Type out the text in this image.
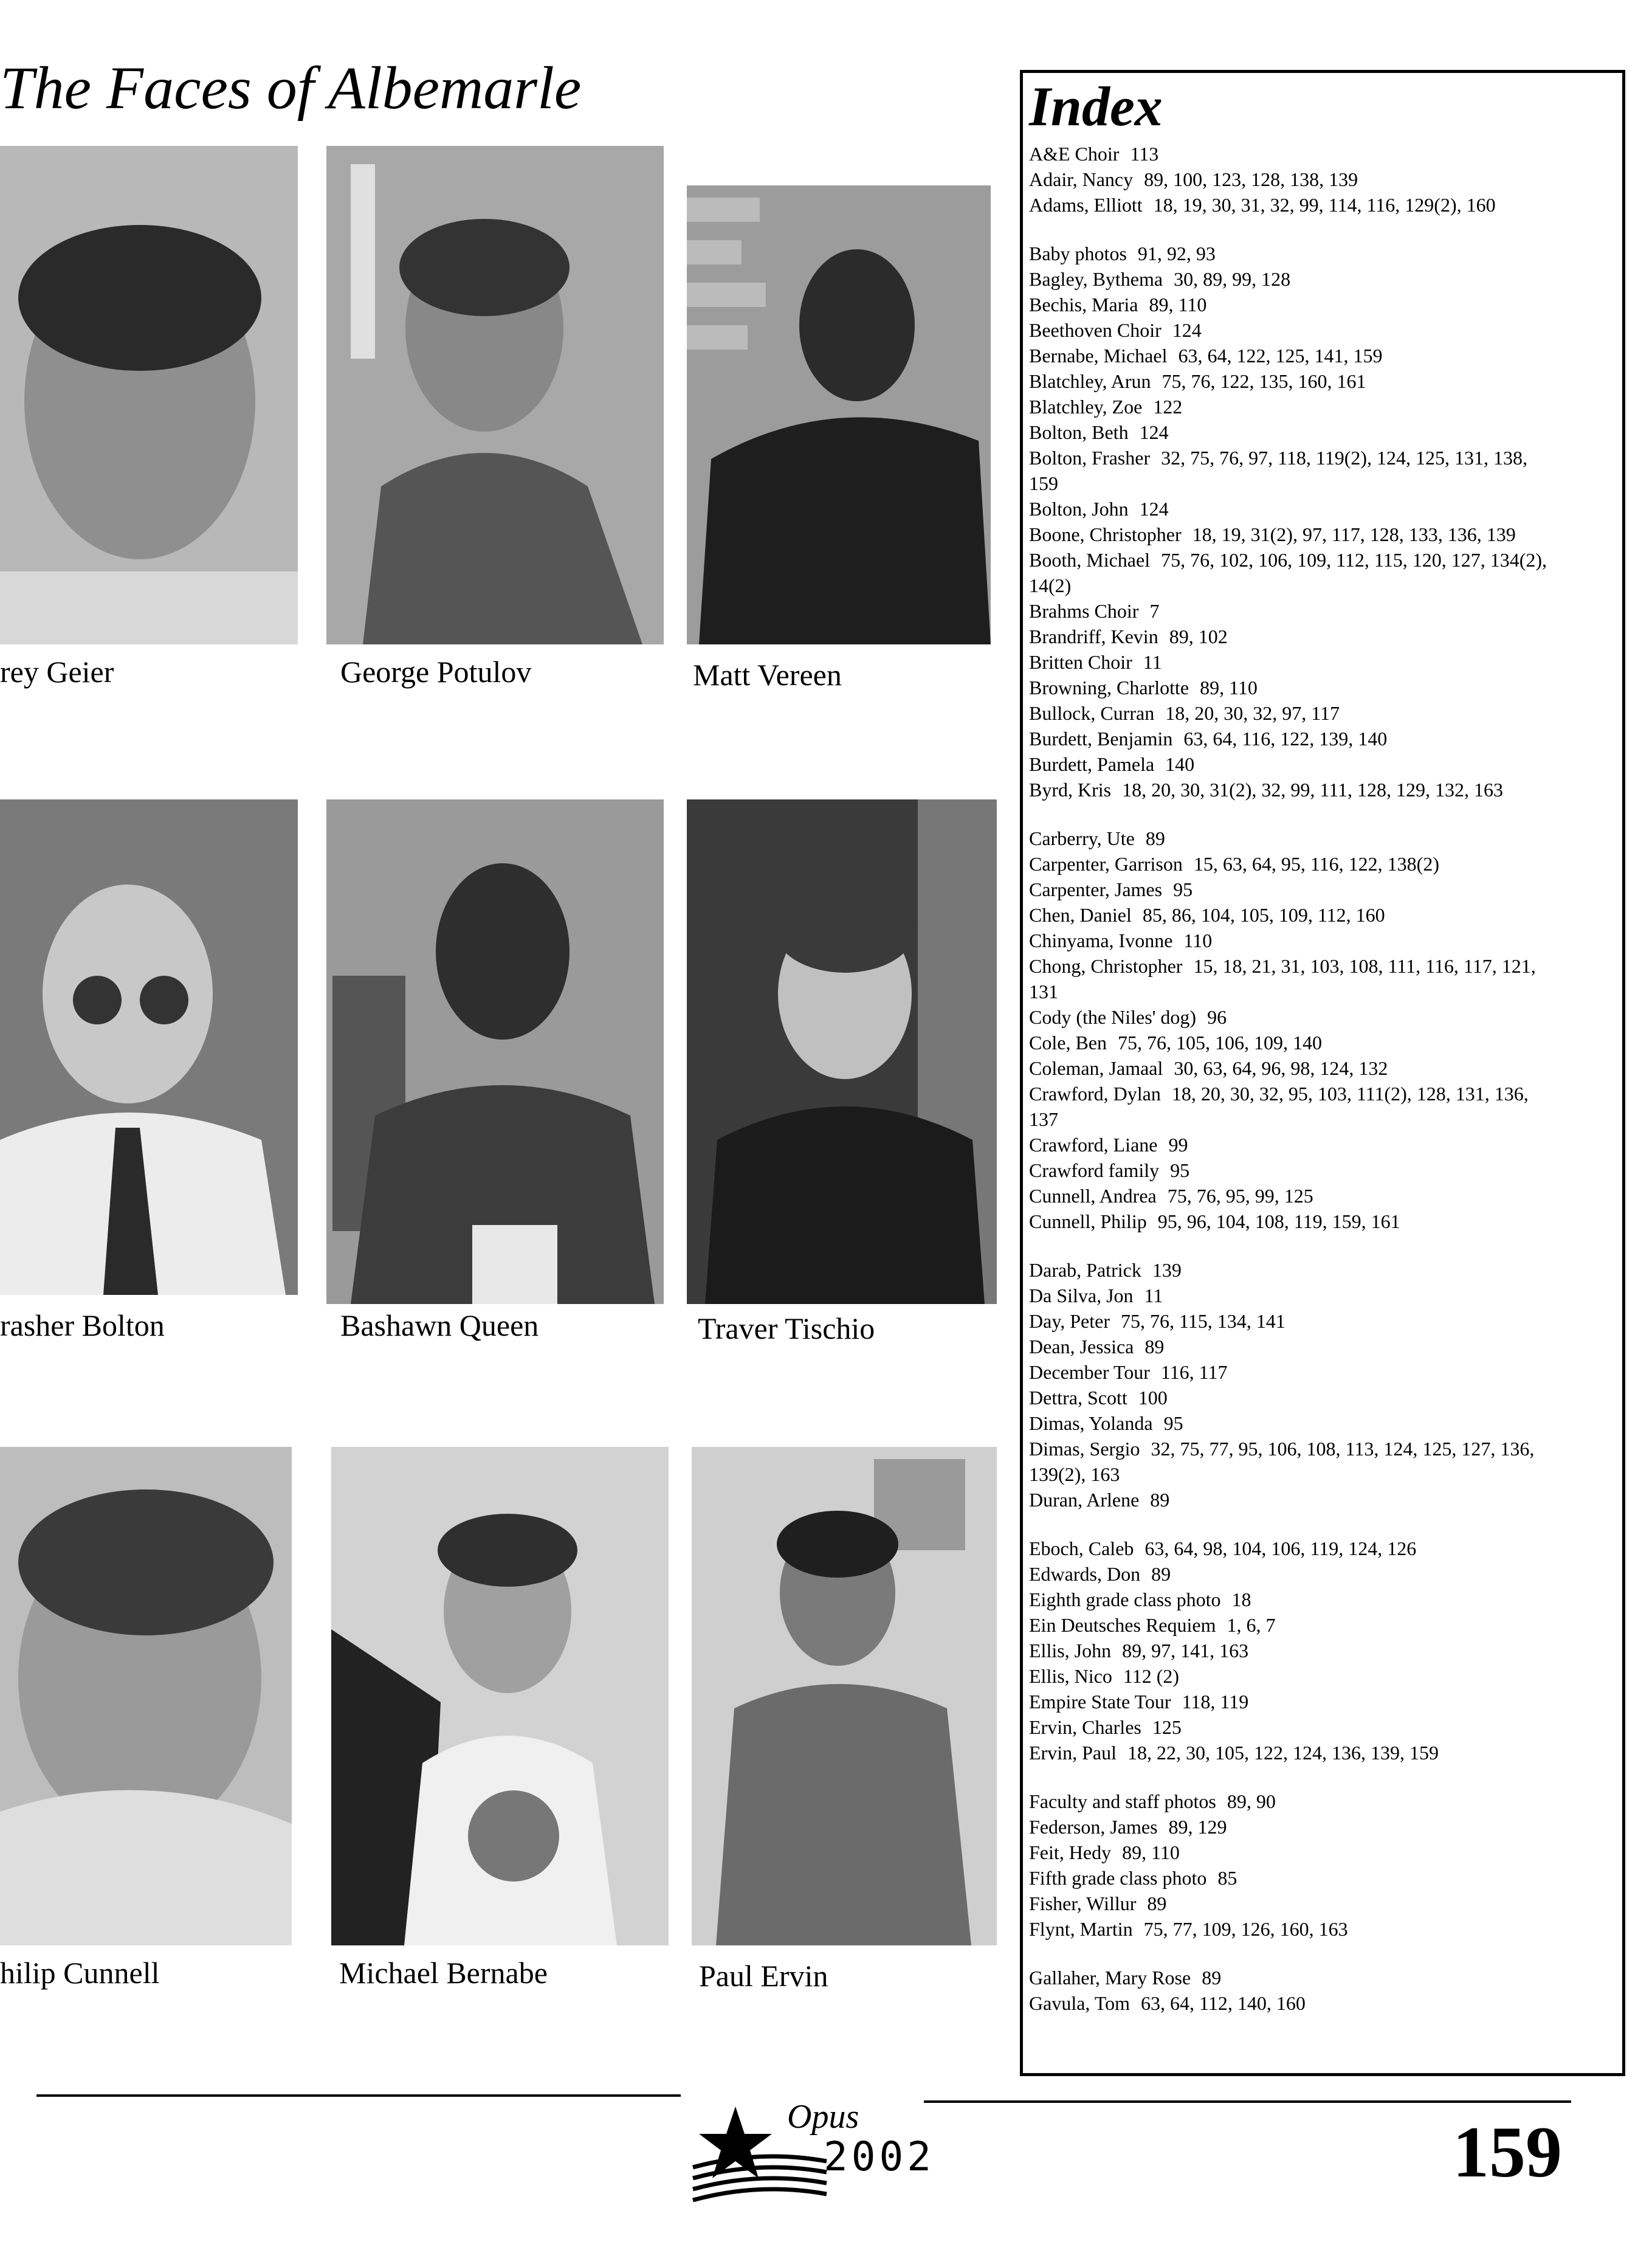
The Faces of Albemarle
rey Geier	George Potulov	Matt Vereen
rasher Bolton	Bashawn Queen	Traver Tischio
hilip Cunnell	Michael Bernabe	Paul Ervin
Index
A&E Choir 113
Adair, Nancy 89, 100, 123, 128, 138, 139
Adams, Elliott 18, 19, 30, 31, 32, 99, 114, 116, 129(2), 160
Baby photos 91, 92, 93
Bagley, Bythema 30, 89, 99, 128
Bechis, Maria 89, 110
Beethoven Choir 124
Bernabe, Michael 63, 64, 122, 125, 141, 159
Blatchley, Arun 75, 76, 122, 135, 160, 161
Blatchley, Zoe 122
Bolton, Beth 124
Bolton, Frasher 32, 75, 76, 97, 118, 119(2), 124, 125, 131, 138,
159
Bolton, John 124
Boone, Christopher 18, 19, 31(2), 97, 117, 128, 133, 136, 139
Booth, Michael 75, 76, 102, 106, 109, 112, 115, 120, 127, 134(2),
14(2)
Brahms Choir 7
Brandriff, Kevin 89, 102
Britten Choir 11
Browning, Charlotte 89, 110
Bullock, Curran 18, 20, 30, 32, 97, 117
Burdett, Benjamin 63, 64, 116, 122, 139, 140
Burdett, Pamela 140
Byrd, Kris 18, 20, 30, 31(2), 32, 99, 111, 128, 129, 132, 163
Carberry, Ute 89
Carpenter, Garrison 15, 63, 64, 95, 116, 122, 138(2)
Carpenter, James 95
Chen, Daniel 85, 86, 104, 105, 109, 112, 160
Chinyama, Ivonne 110
Chong, Christopher 15, 18, 21, 31, 103, 108, 111, 116, 117, 121,
131
Cody (the Niles' dog) 96
Cole, Ben 75, 76, 105, 106, 109, 140
Coleman, Jamaal 30, 63, 64, 96, 98, 124, 132
Crawford, Dylan 18, 20, 30, 32, 95, 103, 111(2), 128, 131, 136,
137
Crawford, Liane 99
Crawford family 95
Cunnell, Andrea 75, 76, 95, 99, 125
Cunnell, Philip 95, 96, 104, 108, 119, 159, 161
Darab, Patrick 139
Da Silva, Jon 11
Day, Peter 75, 76, 115, 134, 141
Dean, Jessica 89
December Tour 116, 117
Dettra, Scott 100
Dimas, Yolanda 95
Dimas, Sergio 32, 75, 77, 95, 106, 108, 113, 124, 125, 127, 136,
139(2), 163
Duran, Arlene 89
Eboch, Caleb 63, 64, 98, 104, 106, 119, 124, 126
Edwards, Don 89
Eighth grade class photo 18
Ein Deutsches Requiem 1, 6, 7
Ellis, John 89, 97, 141, 163
Ellis, Nico 112 (2)
Empire State Tour 118, 119
Ervin, Charles 125
Ervin, Paul 18, 22, 30, 105, 122, 124, 136, 139, 159
Faculty and staff photos 89, 90
Federson, James 89, 129
Feit, Hedy 89, 110
Fifth grade class photo 85
Fisher, Willur 89
Flynt, Martin 75, 77, 109, 126, 160, 163
Gallaher, Mary Rose 89
Gavula, Tom 63, 64, 112, 140, 160
Opus
2002	159
